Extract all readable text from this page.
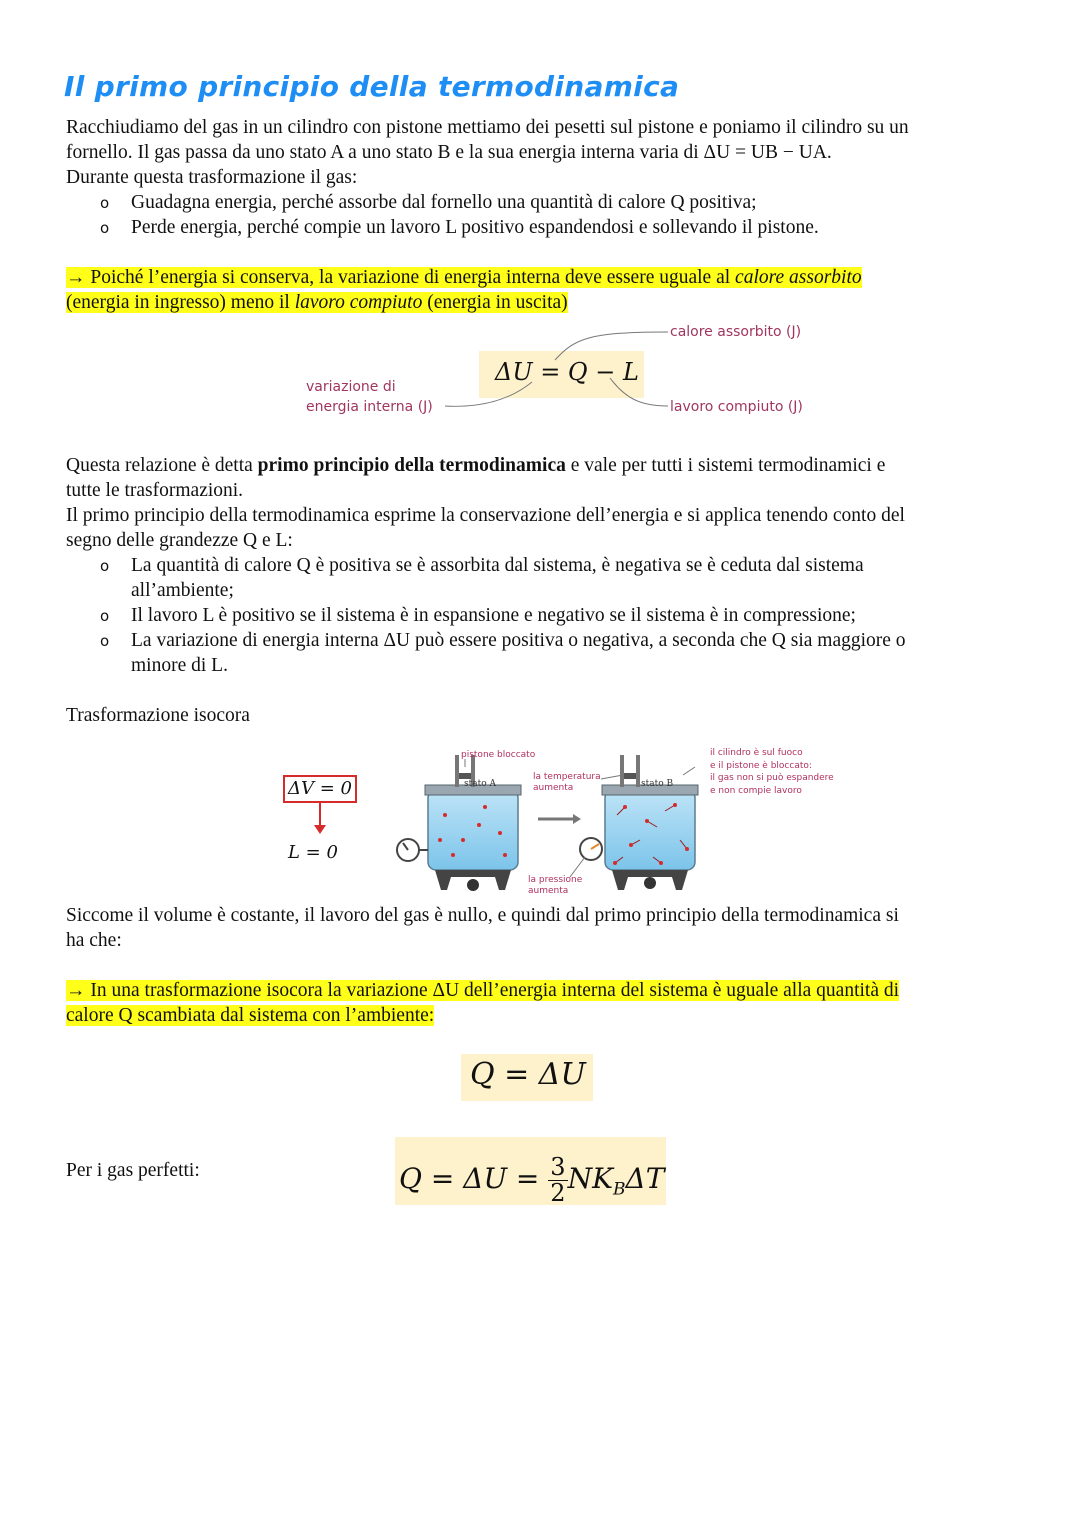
Il primo principio della termodinamica
Racchiudiamo del gas in un cilindro con pistone mettiamo dei pesetti sul pistone e poniamo il cilindro su un
fornello. Il gas passa da uno stato A a uno stato B e la sua energia interna varia di ΔU = UB − UA.
Durante questa trasformazione il gas:
o Guadagna energia, perché assorbe dal fornello una quantità di calore Q positiva;
o Perde energia, perché compie un lavoro L positivo espandendosi e sollevando il pistone.
→ Poiché l’energia si conserva, la variazione di energia interna deve essere uguale al calore assorbito
(energia in ingresso) meno il lavoro compiuto (energia in uscita)
ΔU = Q − L
calore assorbito (J)
lavoro compiuto (J)
variazione di
energia interna (J)
Questa relazione è detta primo principio della termodinamica e vale per tutti i sistemi termodinamici e
tutte le trasformazioni.
Il primo principio della termodinamica esprime la conservazione dell’energia e si applica tenendo conto del
segno delle grandezze Q e L:
o La quantità di calore Q è positiva se è assorbita dal sistema, è negativa se è ceduta dal sistema
all’ambiente;
o Il lavoro L è positivo se il sistema è in espansione e negativo se il sistema è in compressione;
o La variazione di energia interna ΔU può essere positiva o negativa, a seconda che Q sia maggiore o
minore di L.
Trasformazione isocora
ΔV = 0
L = 0
pistone bloccato
stato A	stato B
la temperatura
aumenta
la pressione
aumenta
il cilindro è sul fuoco
e il pistone è bloccato:
il gas non si può espandere
e non compie lavoro
Siccome il volume è costante, il lavoro del gas è nullo, e quindi dal primo principio della termodinamica si
ha che:
→ In una trasformazione isocora la variazione ΔU dell’energia interna del sistema è uguale alla quantità di
calore Q scambiata dal sistema con l’ambiente:
Q = ΔU
Per i gas perfetti:	$Q = \Delta U = \frac{3}{2} NK_B\Delta T$
